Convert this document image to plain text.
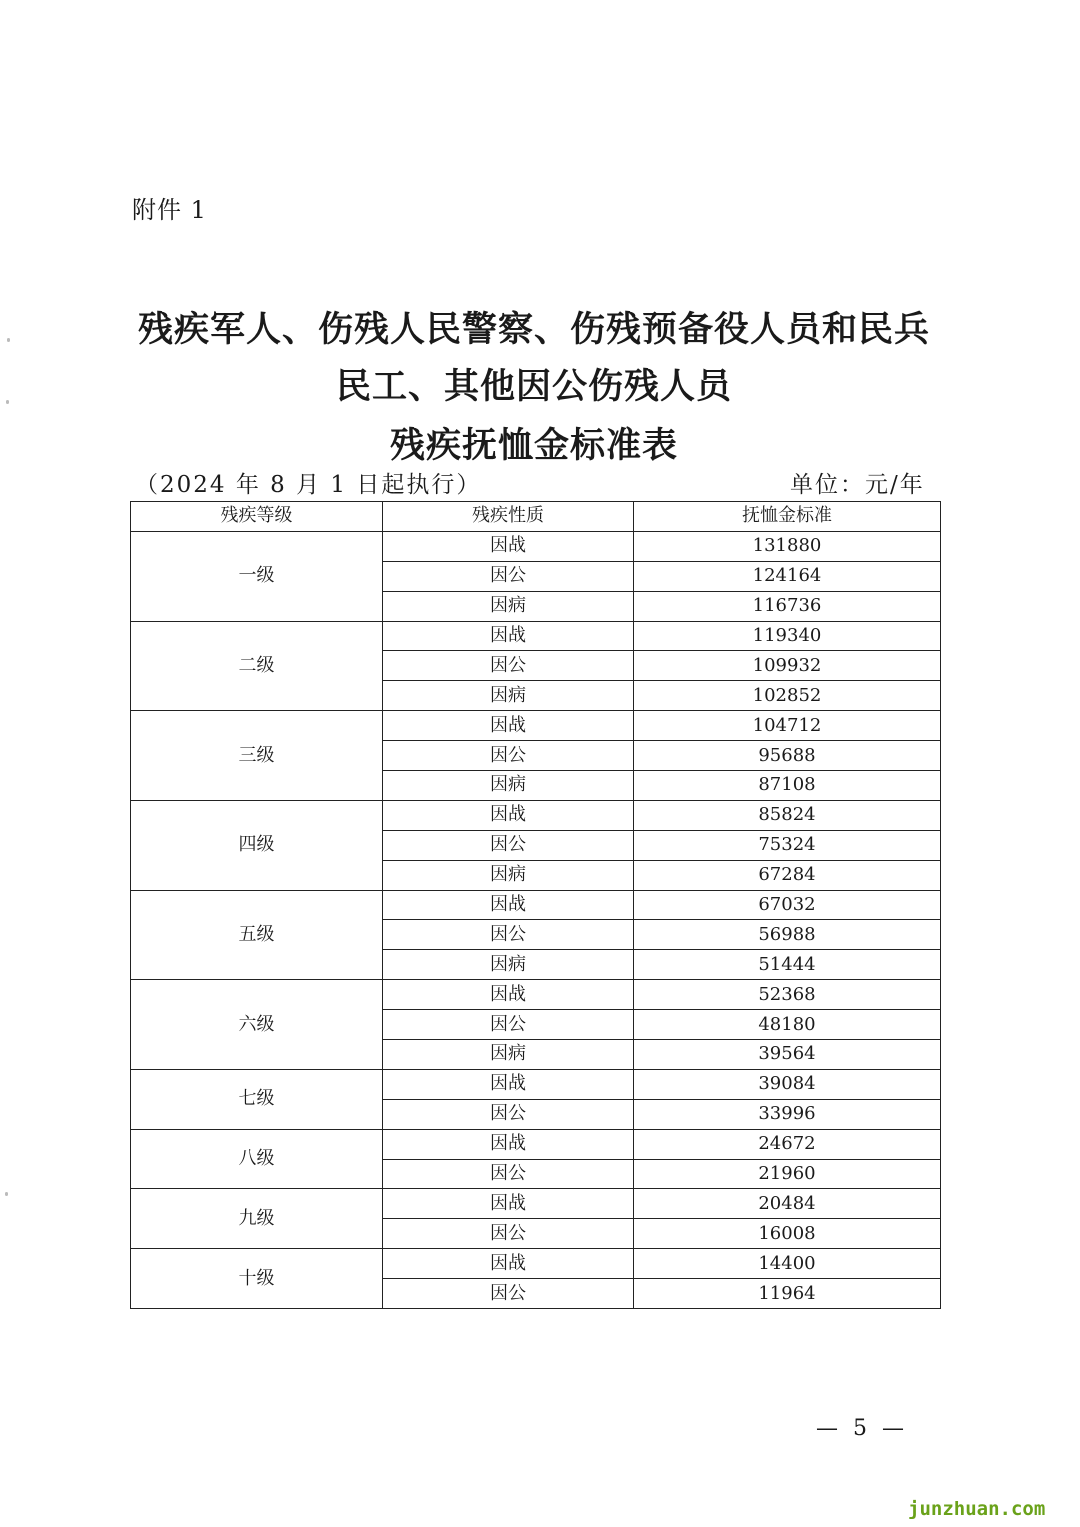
附件 1
残疾军人、伤残人民警察、伤残预备役人员和民兵
民工、其他因公伤残人员
残疾抚恤金标准表
（2024 年 8 月 1 日起执行）	单位：元/年
残疾等级	残疾性质	抚恤金标准
一级	因战	131880
	因公	124164
	因病	116736
二级	因战	119340
	因公	109932
	因病	102852
三级	因战	104712
	因公	95688
	因病	87108
四级	因战	85824
	因公	75324
	因病	67284
五级	因战	67032
	因公	56988
	因病	51444
六级	因战	52368
	因公	48180
	因病	39564
七级	因战	39084
	因公	33996
八级	因战	24672
	因公	21960
九级	因战	20484
	因公	16008
十级	因战	14400
	因公	11964
— 5 —
junzhuan.com
